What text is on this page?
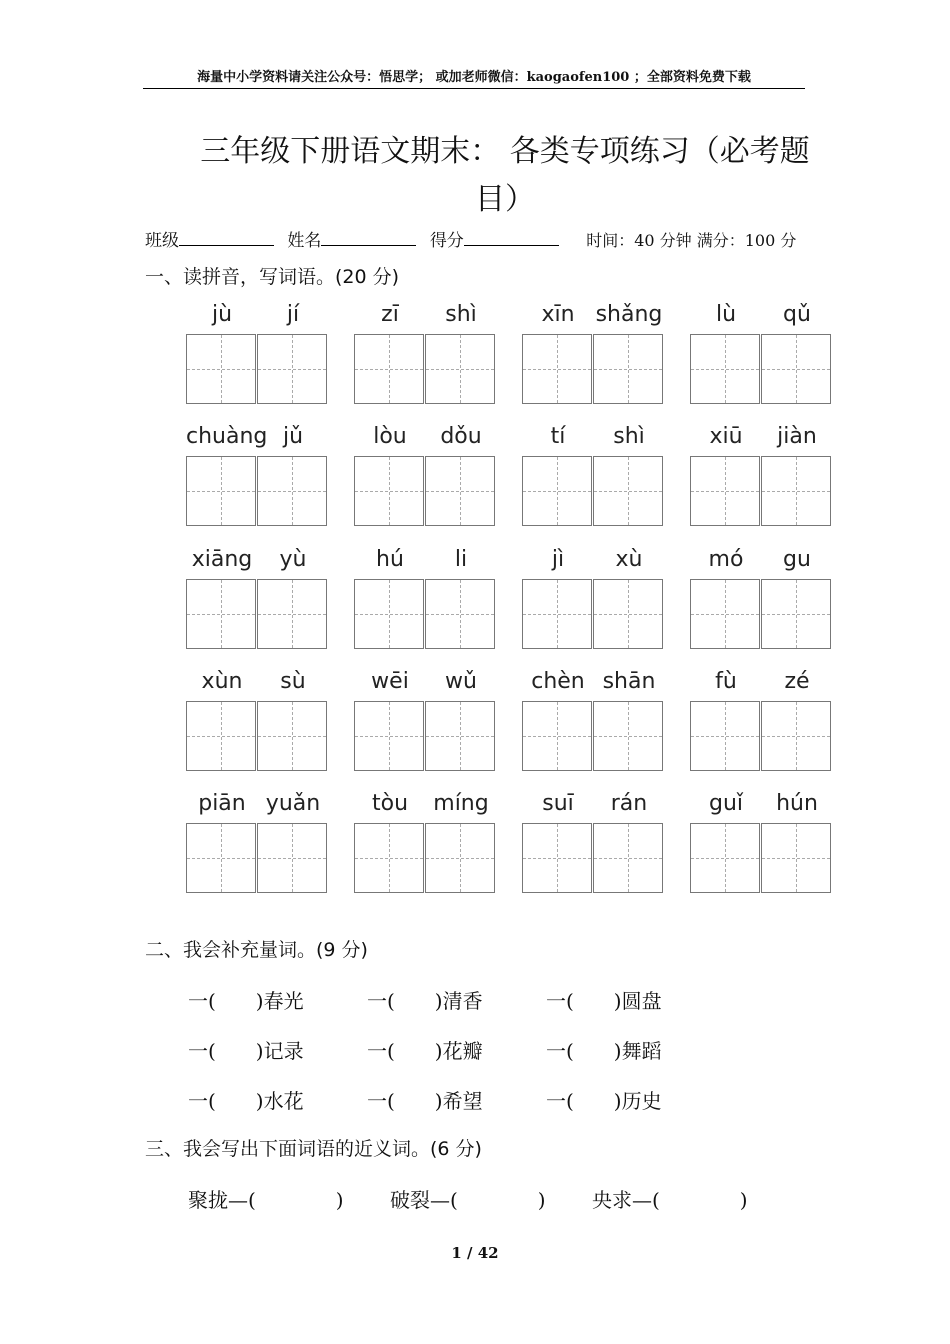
海量中小学资料请关注公众号：悟思学； 或加老师微信：kaogaofen100 ；全部资料免费下载
三年级下册语文期末： 各类专项练习（必考题
目）
班级	姓名	得分	时间：40 分钟 满分：100 分
一、读拼音，写词语。(20 分)
jù	jí	zī	shì	xīn shǎng	lù	qǔ
chuàng jǔ	lòu	dǒu	tí	shì	xiū	jiàn
xiāng	yù	hú	li	jì	xù	mó	gu
xùn	sù	wēi	wǔ	chèn shān	fù	zé
piān yuǎn	tòu	míng	suī	rán	guǐ	hún
二、我会补充量词。(9 分)
一(　　)春光	一(　　)清香	一(　　)圆盘
一(　　)记录	一(　　)花瓣	一(　　)舞蹈
一(　　)水花	一(　　)希望	一(　　)历史
三、我会写出下面词语的近义词。(6 分)
聚拢—(　　　　) 破裂—(　　　　) 央求—(　　　　)
1 / 42
